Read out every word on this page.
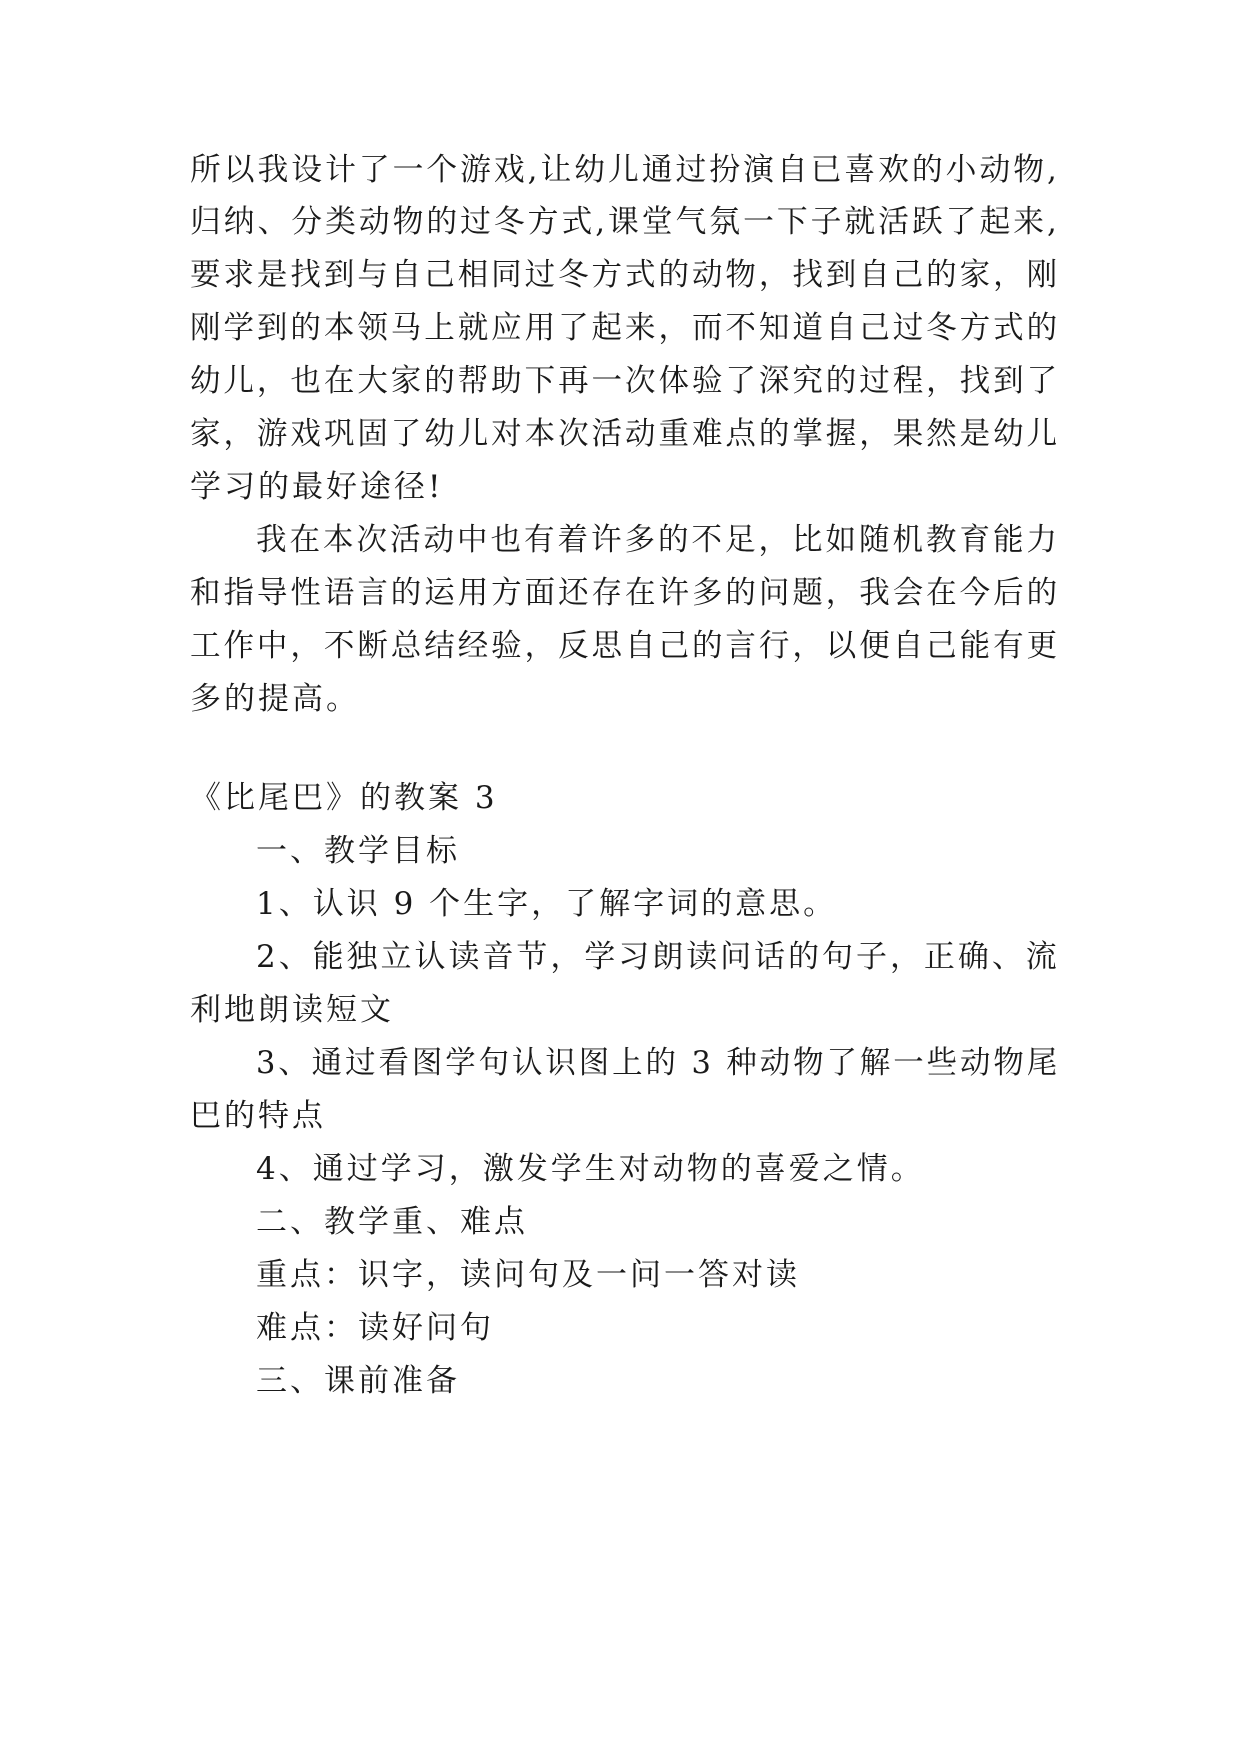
所以我设计了一个游戏,让幼儿通过扮演自已喜欢的小动物,
归纳、分类动物的过冬方式,课堂气氛一下子就活跃了起来,
要求是找到与自己相同过冬方式的动物，找到自己的家，刚
刚学到的本领马上就应用了起来，而不知道自己过冬方式的
幼儿，也在大家的帮助下再一次体验了深究的过程，找到了
家，游戏巩固了幼儿对本次活动重难点的掌握，果然是幼儿
学习的最好途径!
我在本次活动中也有着许多的不足，比如随机教育能力
和指导性语言的运用方面还存在许多的问题，我会在今后的
工作中，不断总结经验，反思自己的言行，以便自己能有更
多的提高。
《比尾巴》的教案 3
一、教学目标
1、认识 9 个生字，了解字词的意思。
2、能独立认读音节，学习朗读问话的句子，正确、流
利地朗读短文
3、通过看图学句认识图上的 3 种动物了解一些动物尾
巴的特点
4、通过学习，激发学生对动物的喜爱之情。
二、教学重、难点
重点：识字，读问句及一问一答对读
难点：读好问句
三、课前准备
